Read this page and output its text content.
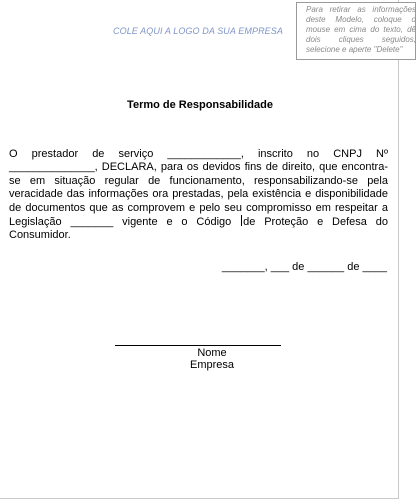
COLE AQUI A LOGO DA SUA EMPRESA
Para retirar as informações deste Modelo, coloque o mouse em cima do texto, dê dois cliques seguidos, selecione e aperte "Delete"
Termo de Responsabilidade

O prestador de serviço ____________, inscrito no CNPJ Nº ______________, DECLARA, para os devidos fins de direito, que encontra-se em situação regular de funcionamento, responsabilizando-se pela veracidade das informações ora prestadas, pela existência e disponibilidade de documentos que as comprovem e pelo seu compromisso em respeitar a Legislação _______ vigente e o Código de Proteção e Defesa do Consumidor.

_______, ___ de ______ de ____
Nome
Empresa
